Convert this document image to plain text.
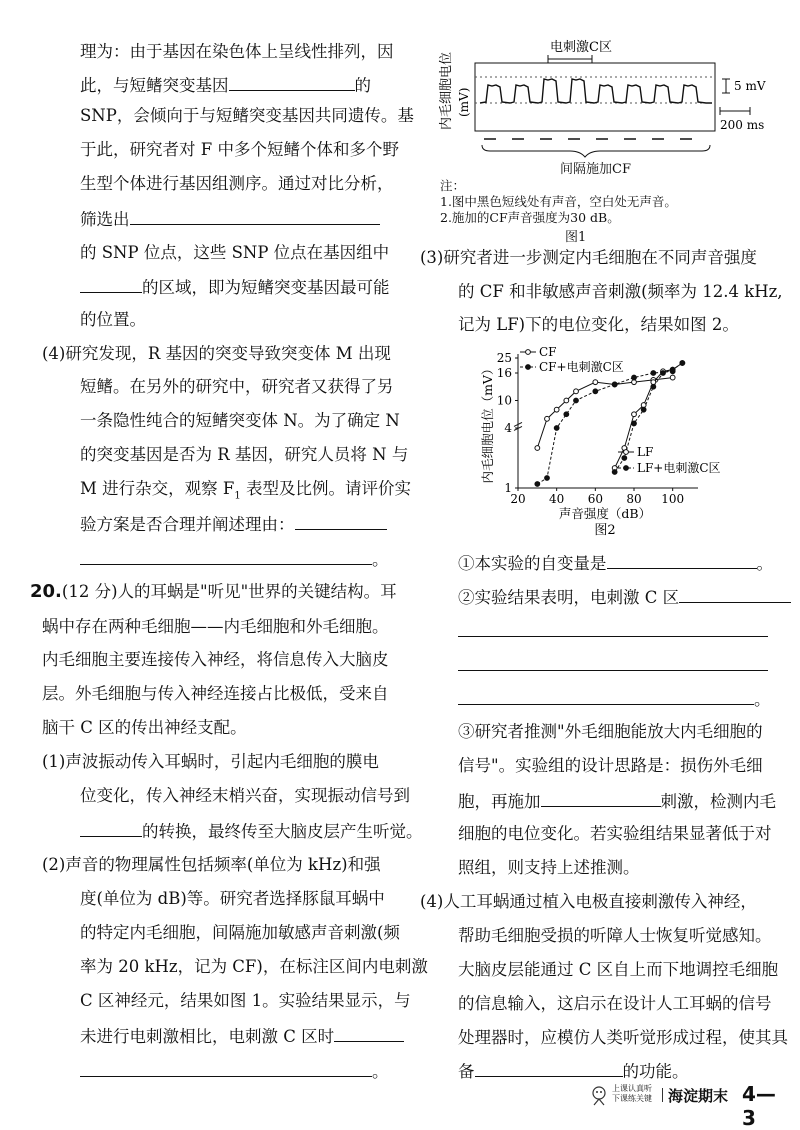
理为：由于基因在染色体上呈线性排列，因
此，与短鳍突变基因	的
SNP，会倾向于与短鳍突变基因共同遗传。基
于此，研究者对 F 中多个短鳍个体和多个野
生型个体进行基因组测序。通过对比分析，
筛选出
的 SNP 位点，这些 SNP 位点在基因组中
的区域，即为短鳍突变基因最可能
的位置。
(4)研究发现，R 基因的突变导致突变体 M 出现
短鳍。在另外的研究中，研究者又获得了另
一条隐性纯合的短鳍突变体 N。为了确定 N
的突变基因是否为 R 基因，研究人员将 N 与
M 进行杂交，观察 $F_1$ 表型及比例。请评价实
验方案是否合理并阐述理由：
。
20.(12 分)人的耳蜗是"听见"世界的关键结构。耳
蜗中存在两种毛细胞——内毛细胞和外毛细胞。
内毛细胞主要连接传入神经，将信息传入大脑皮
层。外毛细胞与传入神经连接占比极低，受来自
脑干 C 区的传出神经支配。
(1)声波振动传入耳蜗时，引起内毛细胞的膜电
位变化，传入神经末梢兴奋，实现振动信号到
的转换，最终传至大脑皮层产生听觉。
(2)声音的物理属性包括频率(单位为 kHz)和强
度(单位为 dB)等。研究者选择豚鼠耳蜗中
的特定内毛细胞，间隔施加敏感声音刺激(频
率为 20 kHz，记为 CF)，在标注区间内电刺激
C 区神经元，结果如图 1。实验结果显示，与
未进行电刺激相比，电刺激 C 区时
。
电刺激C区
内毛细胞电位 (mV)
5 mV
200 ms
间隔施加CF
注：
1.图中黑色短线处有声音，空白处无声音。
2.施加的CF声音强度为30 dB。
图1
(3)研究者进一步测定内毛细胞在不同声音强度
的 CF 和非敏感声音刺激(频率为 12.4 kHz,
记为 LF)下的电位变化，结果如图 2。
1
4
10
16
25
20 40 60 80 100
声音强度（dB）
内毛细胞电位（mV）
图2
CF
CF+电刺激C区
LF
LF+电刺激C区
①本实验的自变量是	。
②实验结果表明，电刺激 C 区
。
③研究者推测"外毛细胞能放大内毛细胞的
信号"。实验组的设计思路是：损伤外毛细
胞，再施加	刺激，检测内毛
细胞的电位变化。若实验组结果显著低于对
照组，则支持上述推测。
(4)人工耳蜗通过植入电极直接刺激传入神经，
帮助毛细胞受损的听障人士恢复听觉感知。
大脑皮层能通过 C 区自上而下地调控毛细胞
的信息输入，这启示在设计人工耳蜗的信号
处理器时，应模仿人类听觉形成过程，使其具
备	的功能。
上课认真听
下课练关键 海淀期末 4—3
